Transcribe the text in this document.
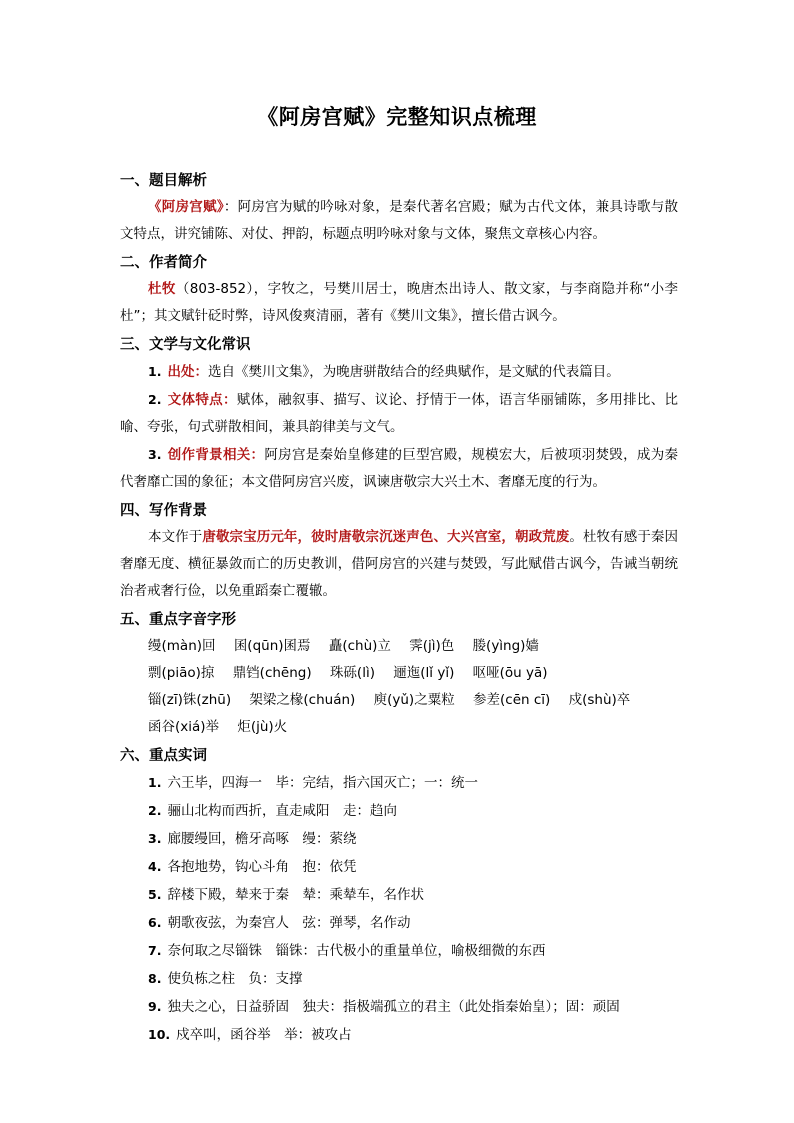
《阿房宫赋》完整知识点梳理
一、题目解析

《阿房宫赋》：阿房宫为赋的吟咏对象，是秦代著名宫殿；赋为古代文体，兼具诗歌与散文特点，讲究铺陈、对仗、押韵，标题点明吟咏对象与文体，聚焦文章核心内容。

二、作者简介

杜牧（803-852），字牧之，号樊川居士，晚唐杰出诗人、散文家，与李商隐并称“小李杜”；其文赋针砭时弊，诗风俊爽清丽，著有《樊川文集》，擅长借古讽今。

三、文学与文化常识

1. 出处：选自《樊川文集》，为晚唐骈散结合的经典赋作，是文赋的代表篇目。

2. 文体特点：赋体，融叙事、描写、议论、抒情于一体，语言华丽铺陈，多用排比、比喻、夸张，句式骈散相间，兼具韵律美与文气。

3. 创作背景相关：阿房宫是秦始皇修建的巨型宫殿，规模宏大，后被项羽焚毁，成为秦代奢靡亡国的象征；本文借阿房宫兴废，讽谏唐敬宗大兴土木、奢靡无度的行为。

四、写作背景

本文作于唐敬宗宝历元年，彼时唐敬宗沉迷声色、大兴宫室，朝政荒废。杜牧有感于秦因奢靡无度、横征暴敛而亡的历史教训，借阿房宫的兴建与焚毁，写此赋借古讽今，告诫当朝统治者戒奢行俭，以免重蹈秦亡覆辙。

五、重点字音字形

缦(màn)回 囷(qūn)囷焉 矗(chù)立 霁(jì)色 媵(yìng)嫱

剽(piāo)掠 鼎铛(chēng) 珠砾(lì) 逦迤(lǐ yǐ) 呕哑(ōu yā)

锱(zī)铢(zhū) 架梁之椽(chuán) 庾(yǔ)之粟粒 参差(cēn cī) 戍(shù)卒

函谷(xiá)举 炬(jù)火

六、重点实词

1. 六王毕，四海一　毕：完结，指六国灭亡；一：统一

2. 骊山北构而西折，直走咸阳　走：趋向

3. 廊腰缦回，檐牙高啄　缦：萦绕

4. 各抱地势，钩心斗角　抱：依凭

5. 辞楼下殿，辇来于秦　辇：乘辇车，名作状

6. 朝歌夜弦，为秦宫人　弦：弹琴，名作动

7. 奈何取之尽锱铢　锱铢：古代极小的重量单位，喻极细微的东西

8. 使负栋之柱　负：支撑

9. 独夫之心，日益骄固　独夫：指极端孤立的君主（此处指秦始皇）；固：顽固

10. 戍卒叫，函谷举　举：被攻占
